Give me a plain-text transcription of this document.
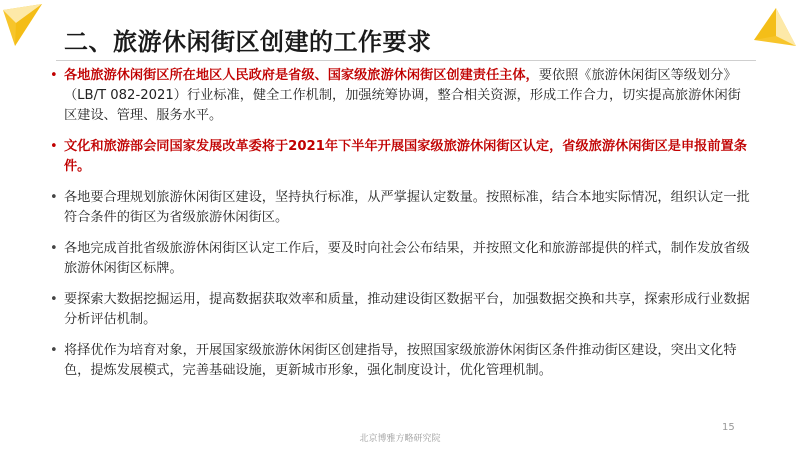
二、旅游休闲街区创建的工作要求
• 各地旅游休闲街区所在地区人民政府是省级、国家级旅游休闲街区创建责任主体，要依照《旅游休闲街区等级划分》（LB/T 082-2021）行业标准，健全工作机制，加强统筹协调，整合相关资源，形成工作合力，切实提高旅游休闲街区建设、管理、服务水平。
• 文化和旅游部会同国家发展改革委将于2021年下半年开展国家级旅游休闲街区认定，省级旅游休闲街区是申报前置条件。
• 各地要合理规划旅游休闲街区建设，坚持执行标准，从严掌握认定数量。按照标准，结合本地实际情况，组织认定一批符合条件的街区为省级旅游休闲街区。
• 各地完成首批省级旅游休闲街区认定工作后，要及时向社会公布结果，并按照文化和旅游部提供的样式，制作发放省级旅游休闲街区标牌。
• 要探索大数据挖掘运用，提高数据获取效率和质量，推动建设街区数据平台，加强数据交换和共享，探索形成行业数据分析评估机制。
• 将择优作为培育对象，开展国家级旅游休闲街区创建指导，按照国家级旅游休闲街区条件推动街区建设，突出文化特色，提炼发展模式，完善基础设施，更新城市形象，强化制度设计，优化管理机制。
15
北京博雅方略研究院
